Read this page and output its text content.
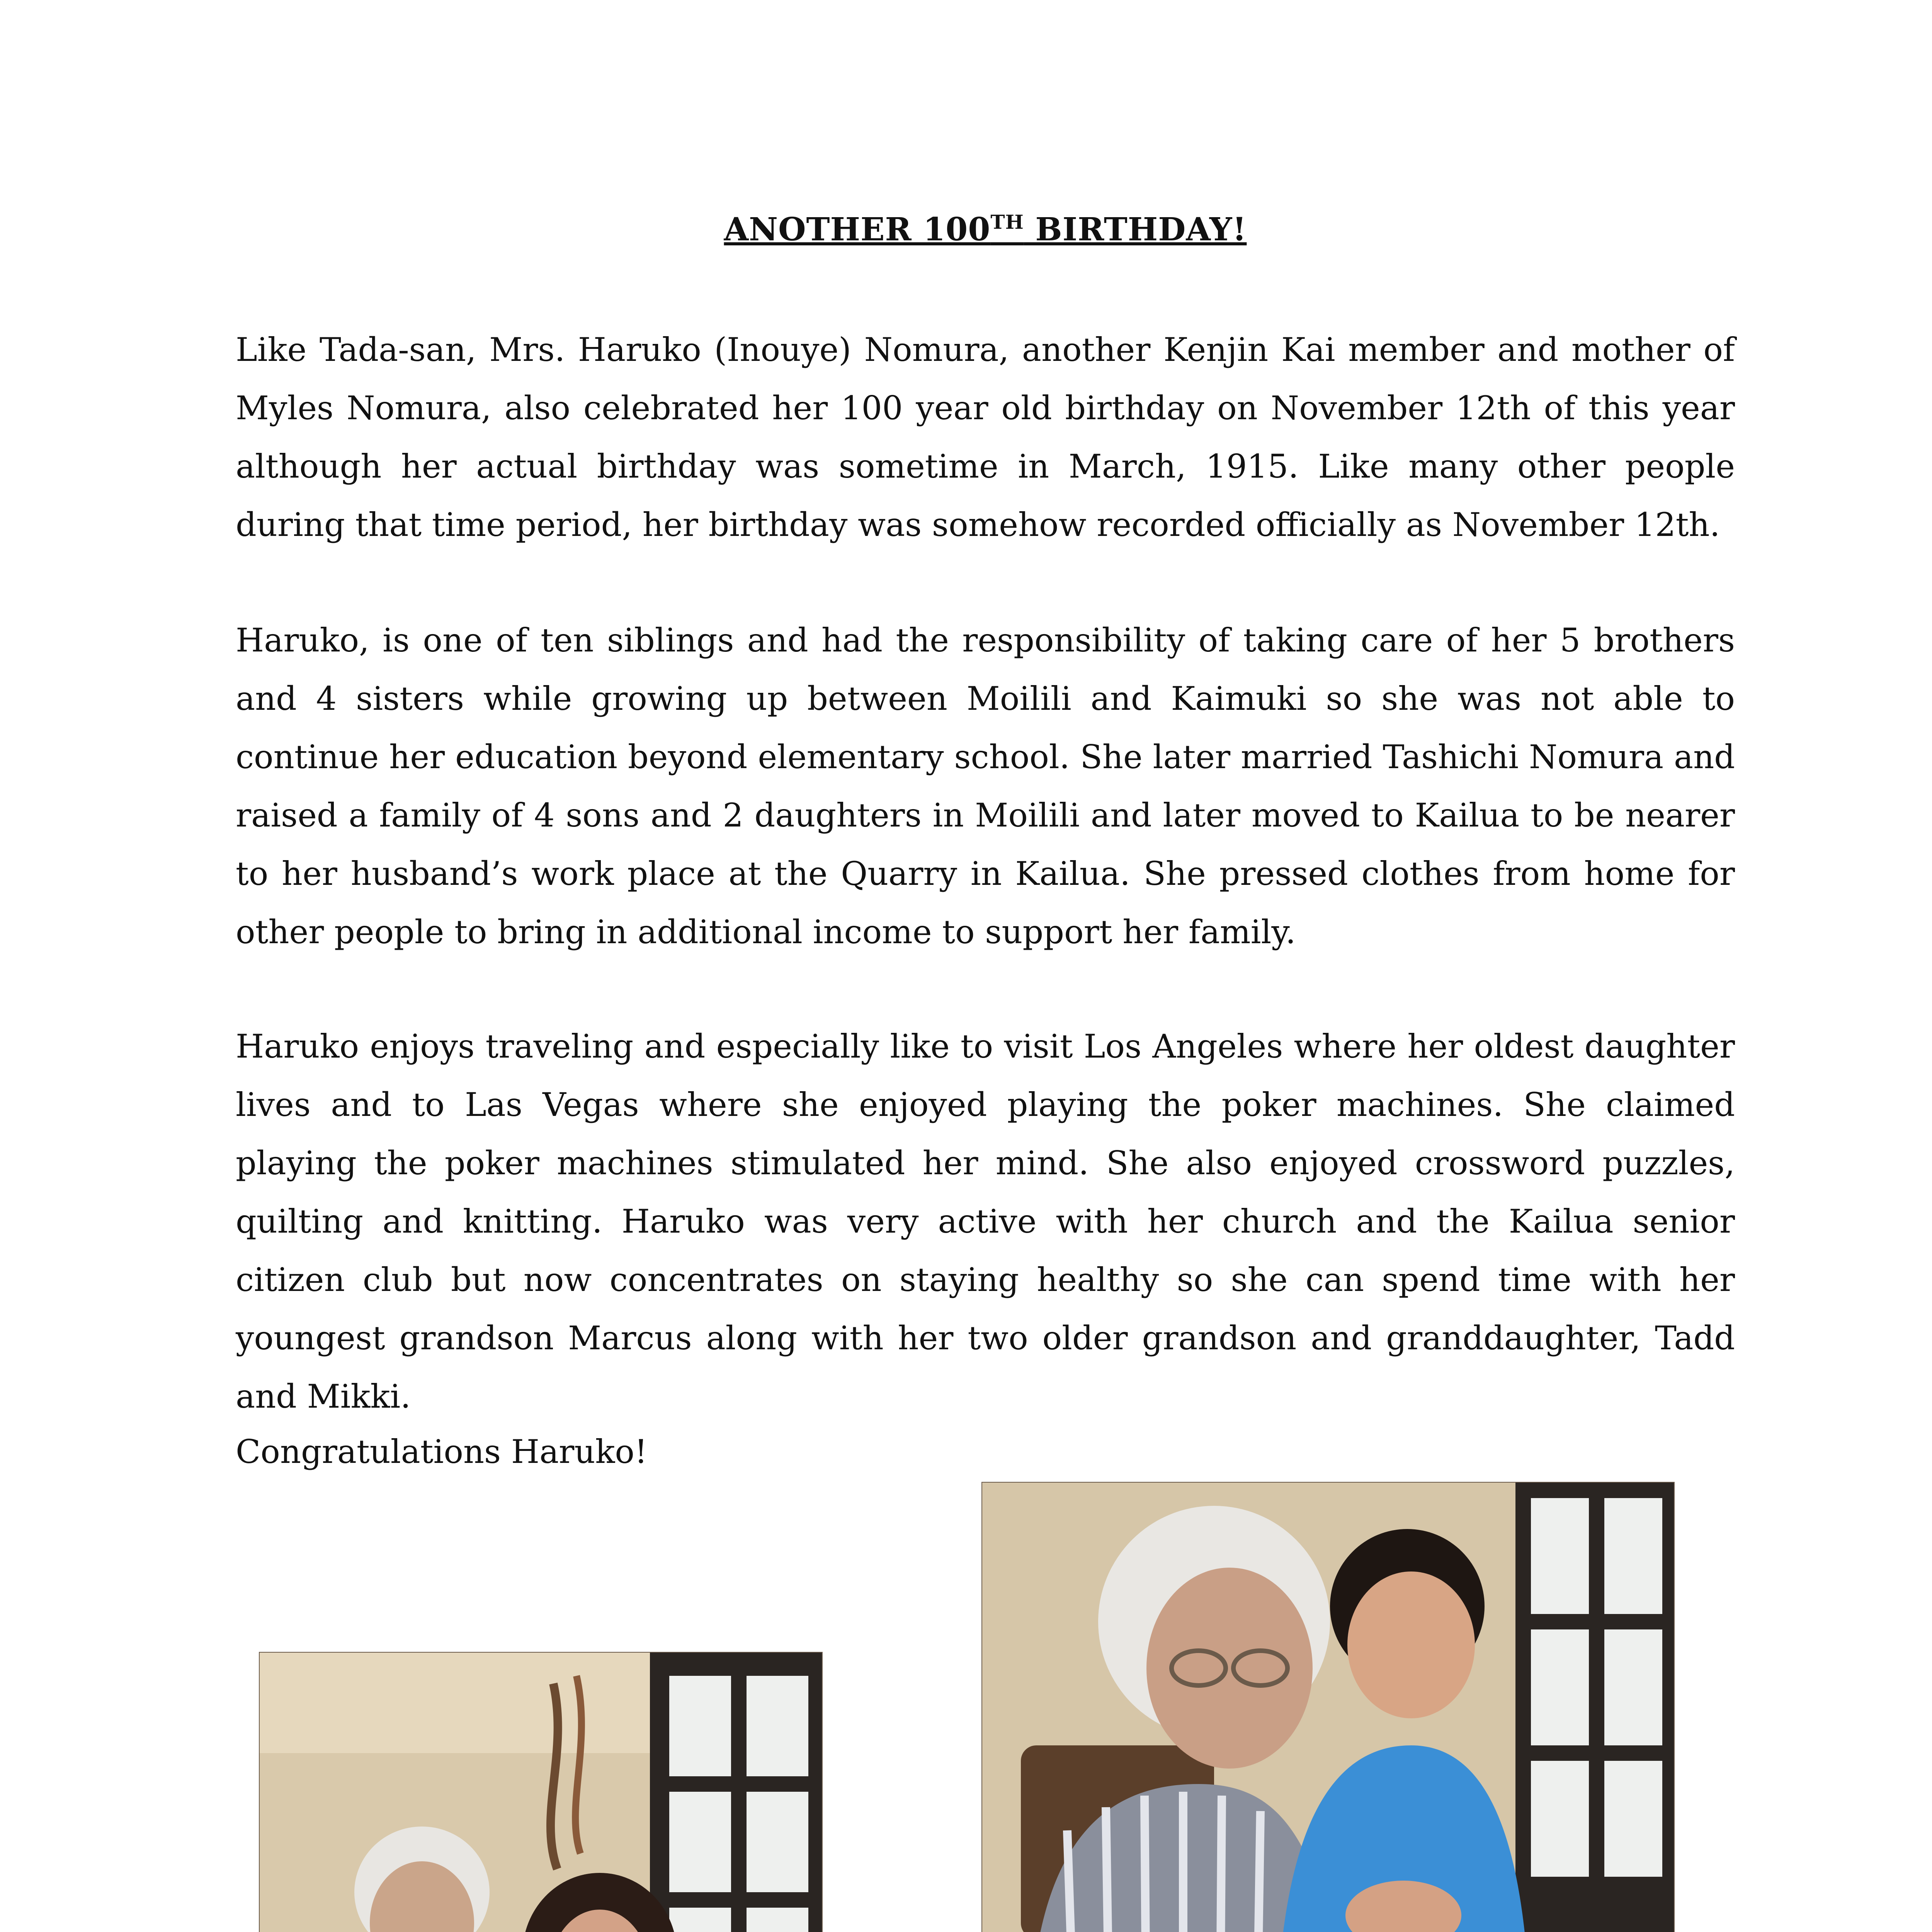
ANOTHER 100TH BIRTHDAY!

Like Tada-san, Mrs. Haruko (Inouye) Nomura, another Kenjin Kai member and mother of Myles Nomura, also celebrated her 100 year old birthday on November 12th of this year although her actual birthday was sometime in March, 1915. Like many other people during that time period, her birthday was somehow recorded officially as November 12th.

Haruko, is one of ten siblings and had the responsibility of taking care of her 5 brothers and 4 sisters while growing up between Moilili and Kaimuki so she was not able to continue her education beyond elementary school. She later married Tashichi Nomura and raised a family of 4 sons and 2 daughters in Moilili and later moved to Kailua to be nearer to her husband’s work place at the Quarry in Kailua. She pressed clothes from home for other people to bring in additional income to support her family.

Haruko enjoys traveling and especially like to visit Los Angeles where her oldest daughter lives and to Las Vegas where she enjoyed playing the poker machines. She claimed playing the poker machines stimulated her mind. She also enjoyed crossword puzzles, quilting and knitting. Haruko was very active with her church and the Kailua senior citizen club but now concentrates on staying healthy so she can spend time with her youngest grandson Marcus along with her two older grandson and granddaughter, Tadd and Mikki.

Congratulations Haruko!
